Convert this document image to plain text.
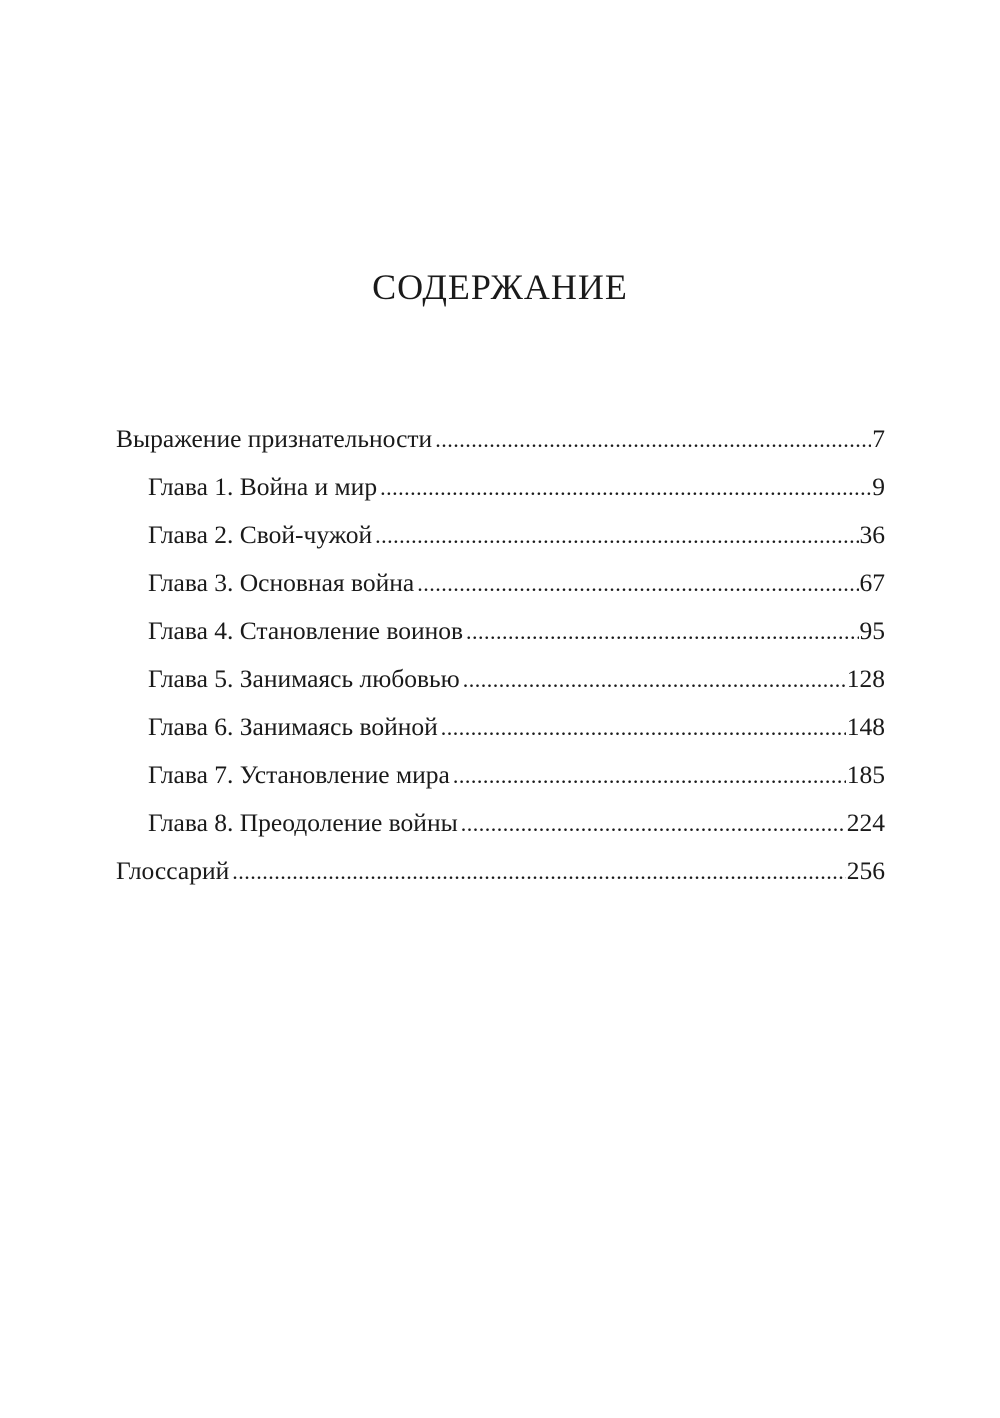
СОДЕРЖАНИЕ
Выражение признательности .....	7
Глава 1. Война и мир .....	9
Глава 2. Свой-чужой .....	36
Глава 3. Основная война .....	67
Глава 4. Становление воинов .....	95
Глава 5. Занимаясь любовью .....	128
Глава 6. Занимаясь войной .....	148
Глава 7. Установление мира .....	185
Глава 8. Преодоление войны .....	224
Глоссарий .....	256
